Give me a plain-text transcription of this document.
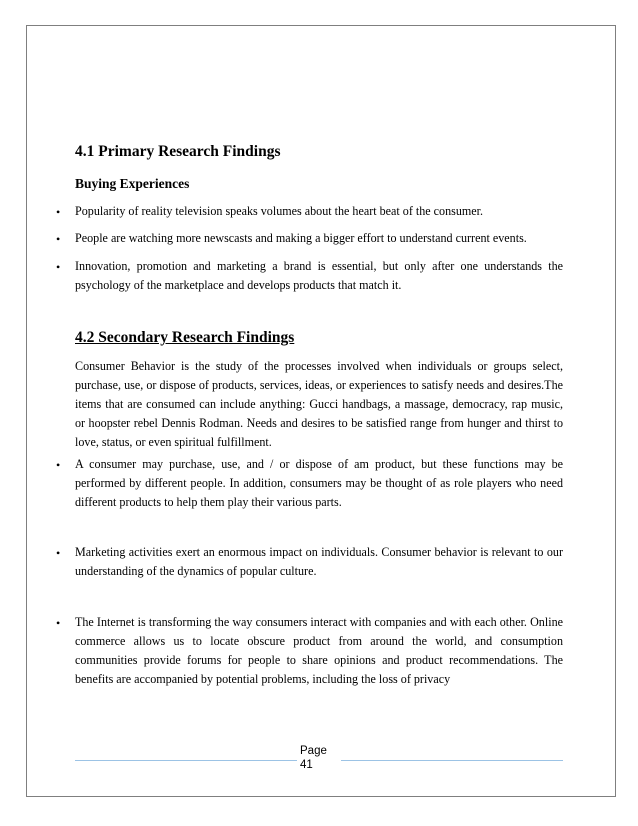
4.1 Primary Research Findings
Buying Experiences
•
Popularity of reality television speaks volumes about the heart beat of the consumer.
•
People are watching more newscasts and making a bigger effort to understand current events.
•
Innovation, promotion and marketing a brand is essential, but only after one understands the psychology of the marketplace and develops products that match it.
4.2 Secondary Research Findings
Consumer Behavior is the study of the processes involved when individuals or groups select, purchase, use, or dispose of products, services, ideas, or experiences to satisfy needs and desires.The items that are consumed can include anything: Gucci handbags, a massage, democracy, rap music, or hoopster rebel Dennis Rodman. Needs and desires to be satisfied range from hunger and thirst to love, status, or even spiritual fulfillment.
•
A consumer may purchase, use, and / or dispose of am product, but these functions may be performed by different people. In addition, consumers may be thought of as role players who need different products to help them play their various parts.
•
Marketing activities exert an enormous impact on individuals. Consumer behavior is relevant to our understanding of the dynamics of popular culture.
•
The Internet is transforming the way consumers interact with companies and with each other. Online commerce allows us to locate obscure product from around the world, and consumption communities provide forums for people to share opinions and product recommendations. The benefits are accompanied by potential problems, including the loss of privacy
Page
41
